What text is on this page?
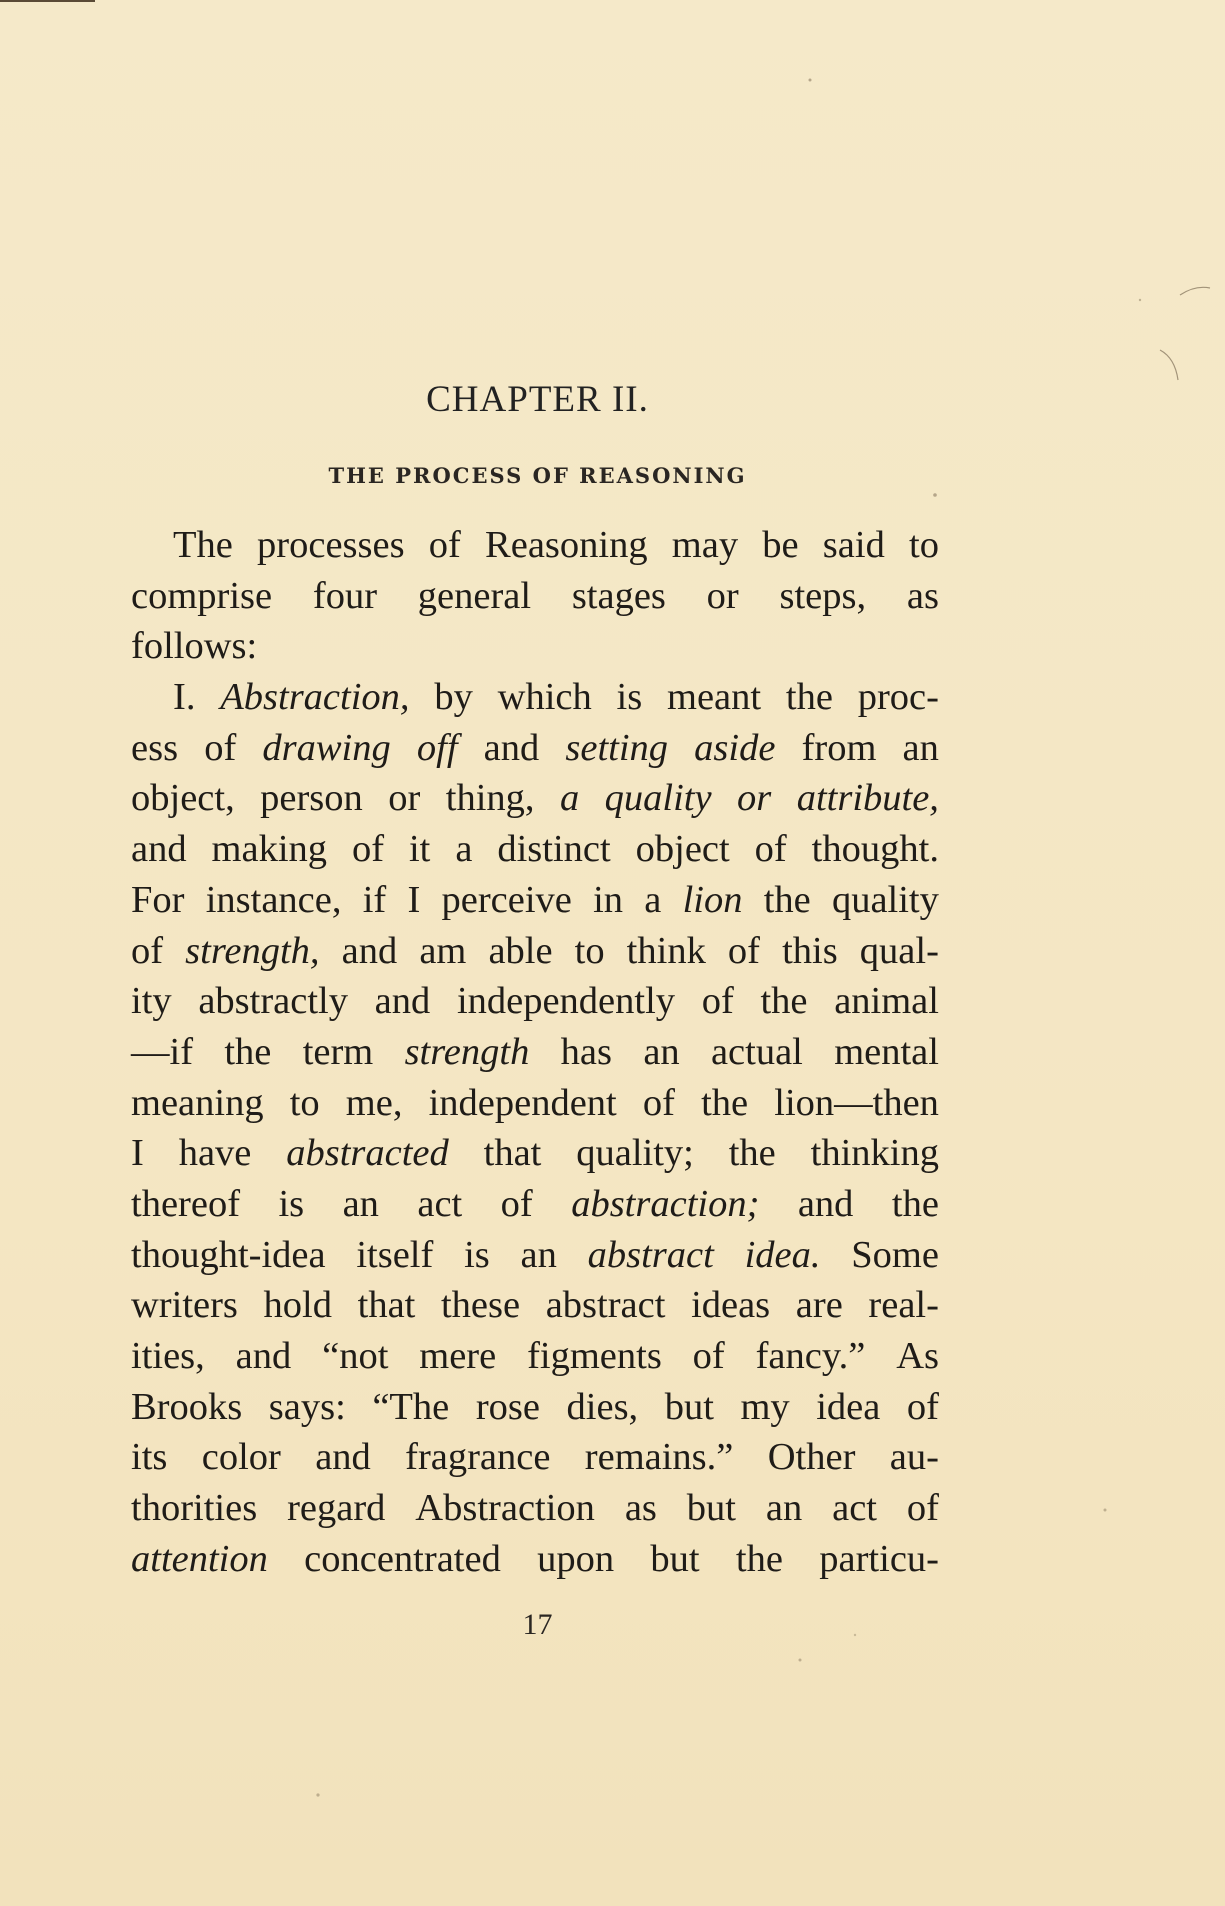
CHAPTER II.
THE PROCESS OF REASONING
The processes of Reasoning may be said to
comprise four general stages or steps, as
follows:
I. Abstraction, by which is meant the proc-
ess of drawing off and setting aside from an
object, person or thing, a quality or attribute,
and making of it a distinct object of thought.
For instance, if I perceive in a lion the quality
of strength, and am able to think of this qual-
ity abstractly and independently of the animal
—if the term strength has an actual mental
meaning to me, independent of the lion—then
I have abstracted that quality; the thinking
thereof is an act of abstraction; and the
thought-idea itself is an abstract idea. Some
writers hold that these abstract ideas are real-
ities, and “not mere figments of fancy.” As
Brooks says: “The rose dies, but my idea of
its color and fragrance remains.” Other au-
thorities regard Abstraction as but an act of
attention concentrated upon but the particu-
17
